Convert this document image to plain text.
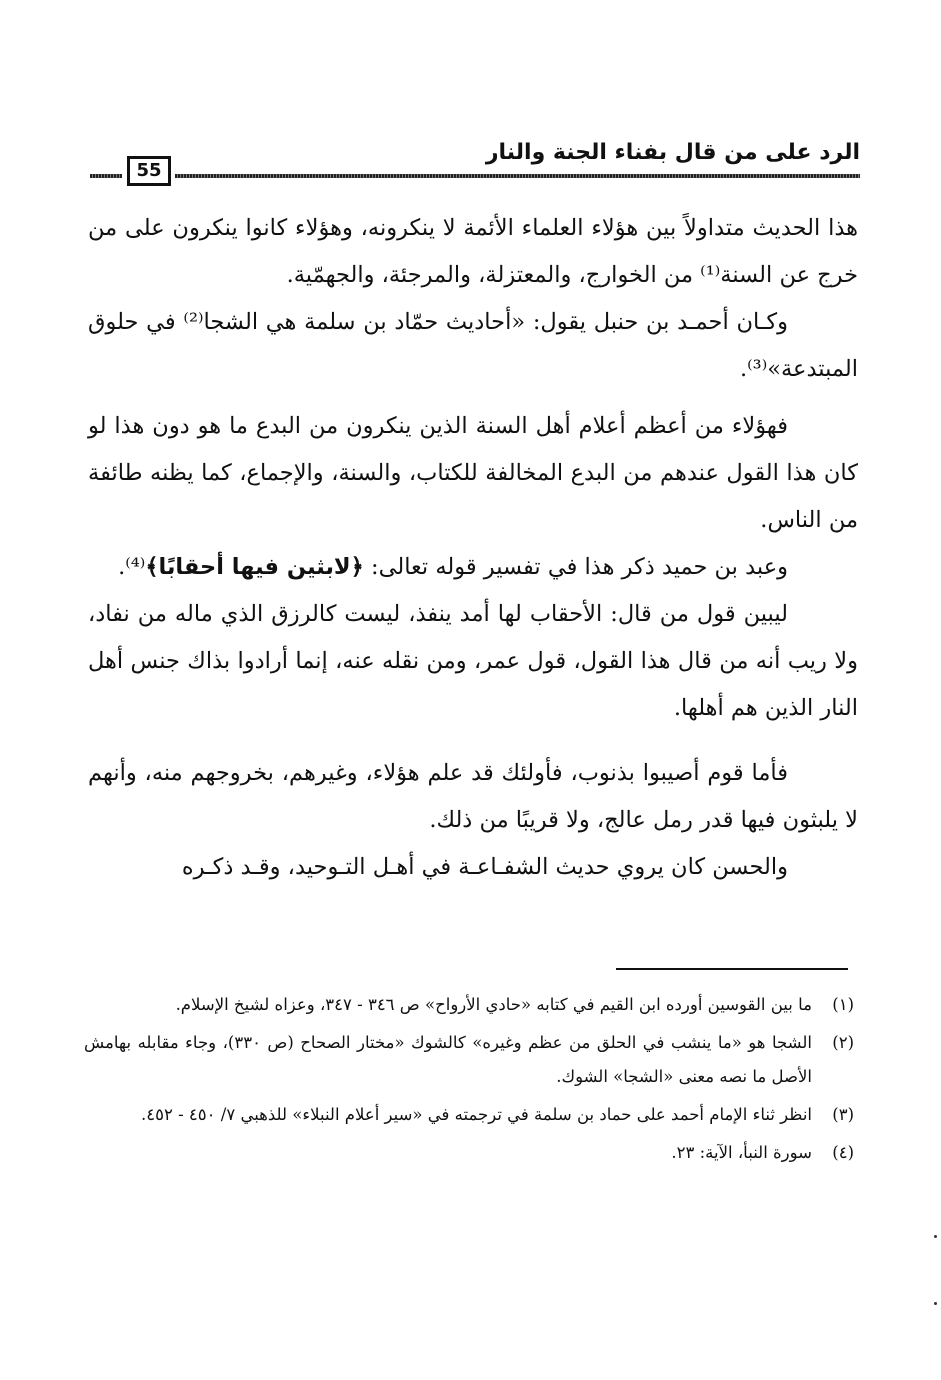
الرد على من قال بفناء الجنة والنار
55

هذا الحديث متداولاً بين هؤلاء العلماء الأئمة لا ينكرونه، وهؤلاء كانوا ينكرون على من خرج عن السنة⁽¹⁾ من الخوارج، والمعتزلة، والمرجئة، والجهمّية.

وكـان أحمـد بن حنبل يقول: «أحاديث حمّاد بن سلمة هي الشجا⁽²⁾ في حلوق المبتدعة»⁽³⁾.

فهؤلاء من أعظم أعلام أهل السنة الذين ينكرون من البدع ما هو دون هذا لو كان هذا القول عندهم من البدع المخالفة للكتاب، والسنة، والإجماع، كما يظنه طائفة من الناس.

وعبد بن حميد ذكر هذا في تفسير قوله تعالى: ﴿لابثين فيها أحقابًا﴾⁽⁴⁾.

ليبين قول من قال: الأحقاب لها أمد ينفذ، ليست كالرزق الذي ماله من نفاد، ولا ريب أنه من قال هذا القول، قول عمر، ومن نقله عنه، إنما أرادوا بذاك جنس أهل النار الذين هم أهلها.

فأما قوم أصيبوا بذنوب، فأولئك قد علم هؤلاء، وغيرهم، بخروجهم منه، وأنهم لا يلبثون فيها قدر رمل عالج، ولا قريبًا من ذلك.

والحسن كان يروي حديث الشفـاعـة في أهـل التـوحيد، وقـد ذكـره

(١)
ما بين القوسين أورده ابن القيم في كتابه «حادي الأرواح» ص ٣٤٦ - ٣٤٧، وعزاه لشيخ الإسلام.
(٢)
الشجا هو «ما ينشب في الحلق من عظم وغيره» كالشوك «مختار الصحاح (ص ٣٣٠)، وجاء مقابله بهامش الأصل ما نصه معنى «الشجا» الشوك.
(٣)
انظر ثناء الإمام أحمد على حماد بن سلمة في ترجمته في «سير أعلام النبلاء» للذهبي ٧/ ٤٥٠ - ٤٥٢.
(٤)
سورة النبأ، الآية: ٢٣.
